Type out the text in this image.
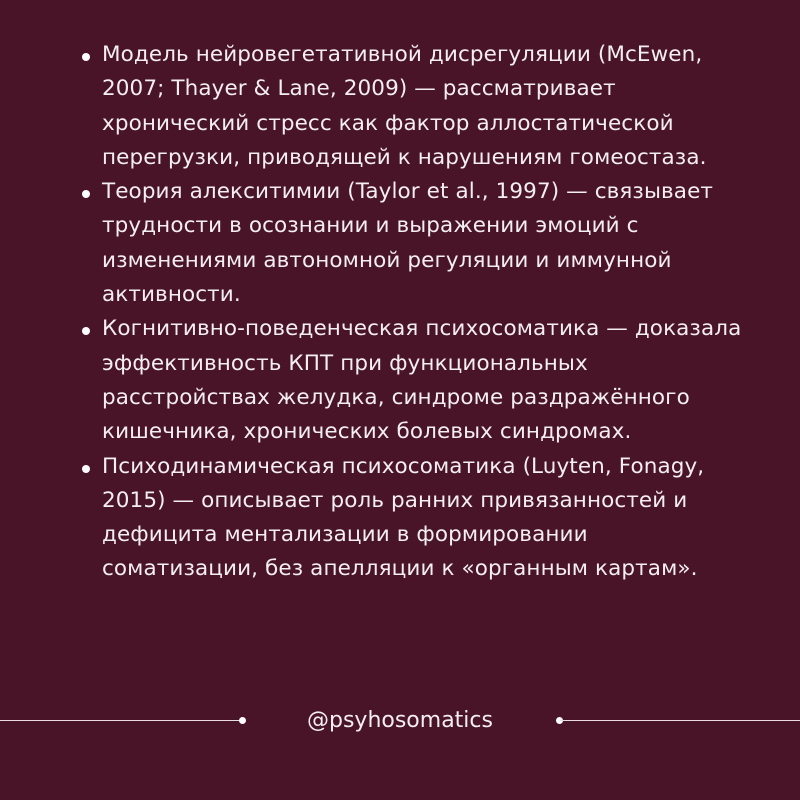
Модель нейровегетативной дисрегуляции (McEwen, 2007; Thayer & Lane, 2009) — рассматривает хронический стресс как фактор аллостатической перегрузки, приводящей к нарушениям гомеостаза.
Теория алекситимии (Taylor et al., 1997) — связывает трудности в осознании и выражении эмоций с изменениями автономной регуляции и иммунной активности.
Когнитивно-поведенческая психосоматика — доказала эффективность КПТ при функциональных расстройствах желудка, синдроме раздражённого кишечника, хронических болевых синдромах.
Психодинамическая психосоматика (Luyten, Fonagy, 2015) — описывает роль ранних привязанностей и дефицита ментализации в формировании соматизации, без апелляции к «органным картам».
@psyhosomatics
